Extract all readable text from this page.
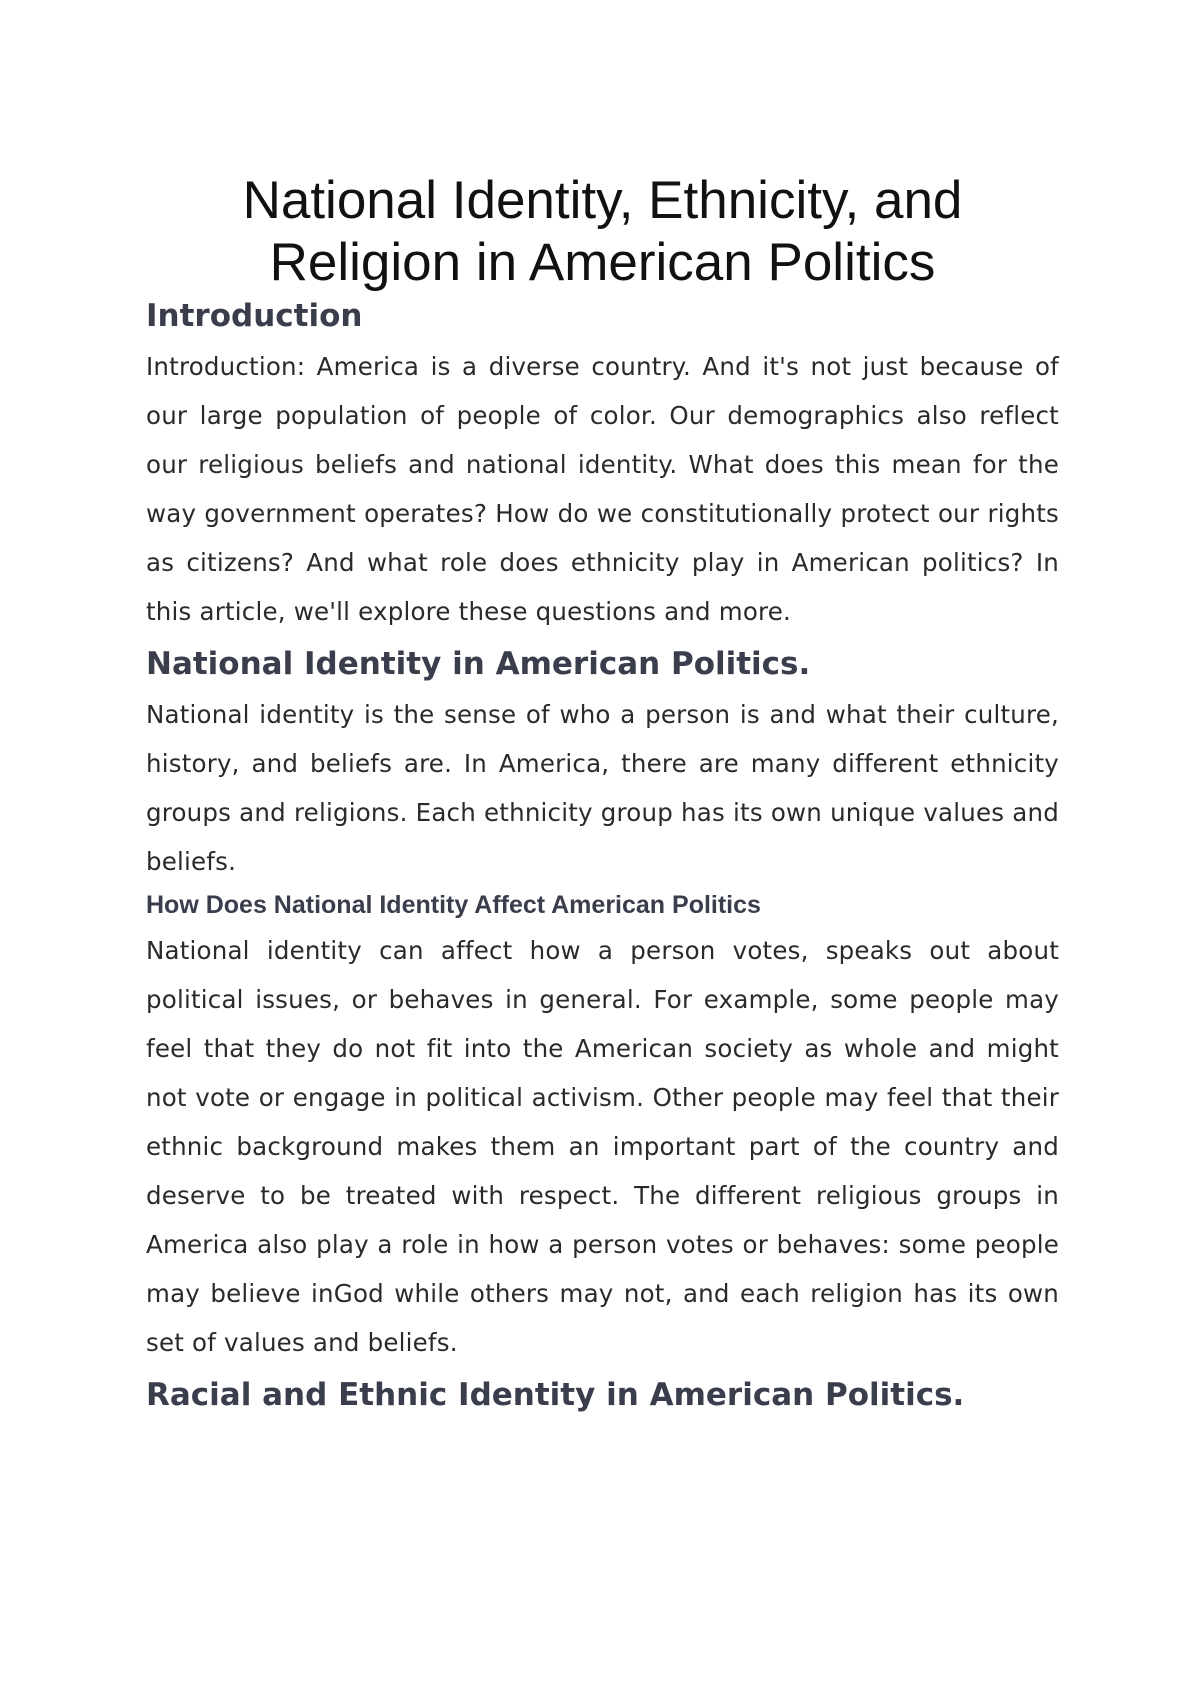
National Identity, Ethnicity, and Religion in American Politics
Introduction

Introduction: America is a diverse country. And it's not just because of our large population of people of color. Our demographics also reflect our religious beliefs and national identity. What does this mean for the way government operates? How do we constitutionally protect our rights as citizens? And what role does ethnicity play in American politics? In this article, we'll explore these questions and more.

National Identity in American Politics.

National identity is the sense of who a person is and what their culture, history, and beliefs are. In America, there are many different ethnicity groups and religions. Each ethnicity group has its own unique values and beliefs.

How Does National Identity Affect American Politics

National identity can affect how a person votes, speaks out about political issues, or behaves in general. For example, some people may feel that they do not fit into the American society as whole and might not vote or engage in political activism. Other people may feel that their ethnic background makes them an important part of the country and deserve to be treated with respect. The different religious groups in America also play a role in how a person votes or behaves: some people may believe inGod while others may not, and each religion has its own set of values and beliefs.

Racial and Ethnic Identity in American Politics.
